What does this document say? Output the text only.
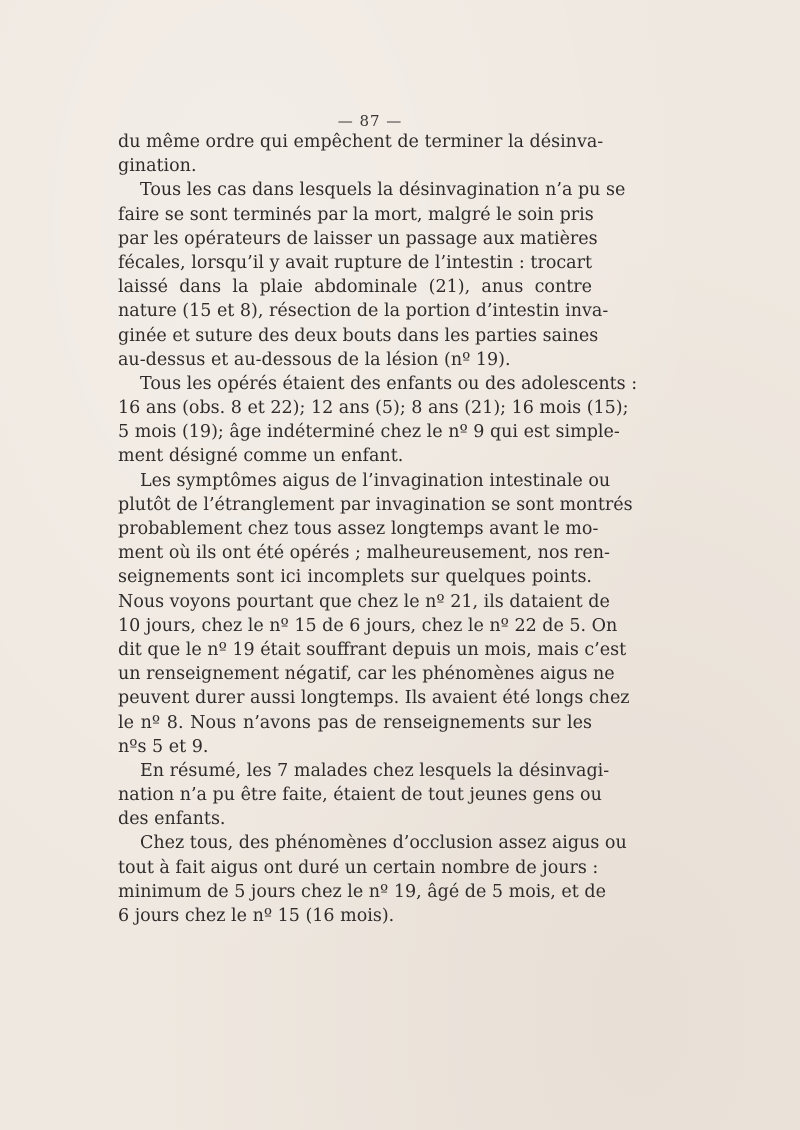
— 87 —
du même ordre qui empêchent de terminer la désinva-
gination.
Tous les cas dans lesquels la désinvagination n’a pu se
faire se sont terminés par la mort, malgré le soin pris
par les opérateurs de laisser un passage aux matières
fécales, lorsqu’il y avait rupture de l’intestin : trocart
laissé dans la plaie abdominale (21), anus contre
nature (15 et 8), résection de la portion d’intestin inva-
ginée et suture des deux bouts dans les parties saines
au-dessus et au-dessous de la lésion (nº 19).
Tous les opérés étaient des enfants ou des adolescents :
16 ans (obs. 8 et 22); 12 ans (5); 8 ans (21); 16 mois (15);
5 mois (19); âge indéterminé chez le nº 9 qui est simple-
ment désigné comme un enfant.
Les symptômes aigus de l’invagination intestinale ou
plutôt de l’étranglement par invagination se sont montrés
probablement chez tous assez longtemps avant le mo-
ment où ils ont été opérés ; malheureusement, nos ren-
seignements sont ici incomplets sur quelques points.
Nous voyons pourtant que chez le nº 21, ils dataient de
10 jours, chez le nº 15 de 6 jours, chez le nº 22 de 5. On
dit que le nº 19 était souffrant depuis un mois, mais c’est
un renseignement négatif, car les phénomènes aigus ne
peuvent durer aussi longtemps. Ils avaient été longs chez
le nº 8. Nous n’avons pas de renseignements sur les
nºs 5 et 9.
En résumé, les 7 malades chez lesquels la désinvagi-
nation n’a pu être faite, étaient de tout jeunes gens ou
des enfants.
Chez tous, des phénomènes d’occlusion assez aigus ou
tout à fait aigus ont duré un certain nombre de jours :
minimum de 5 jours chez le nº 19, âgé de 5 mois, et de
6 jours chez le nº 15 (16 mois).
